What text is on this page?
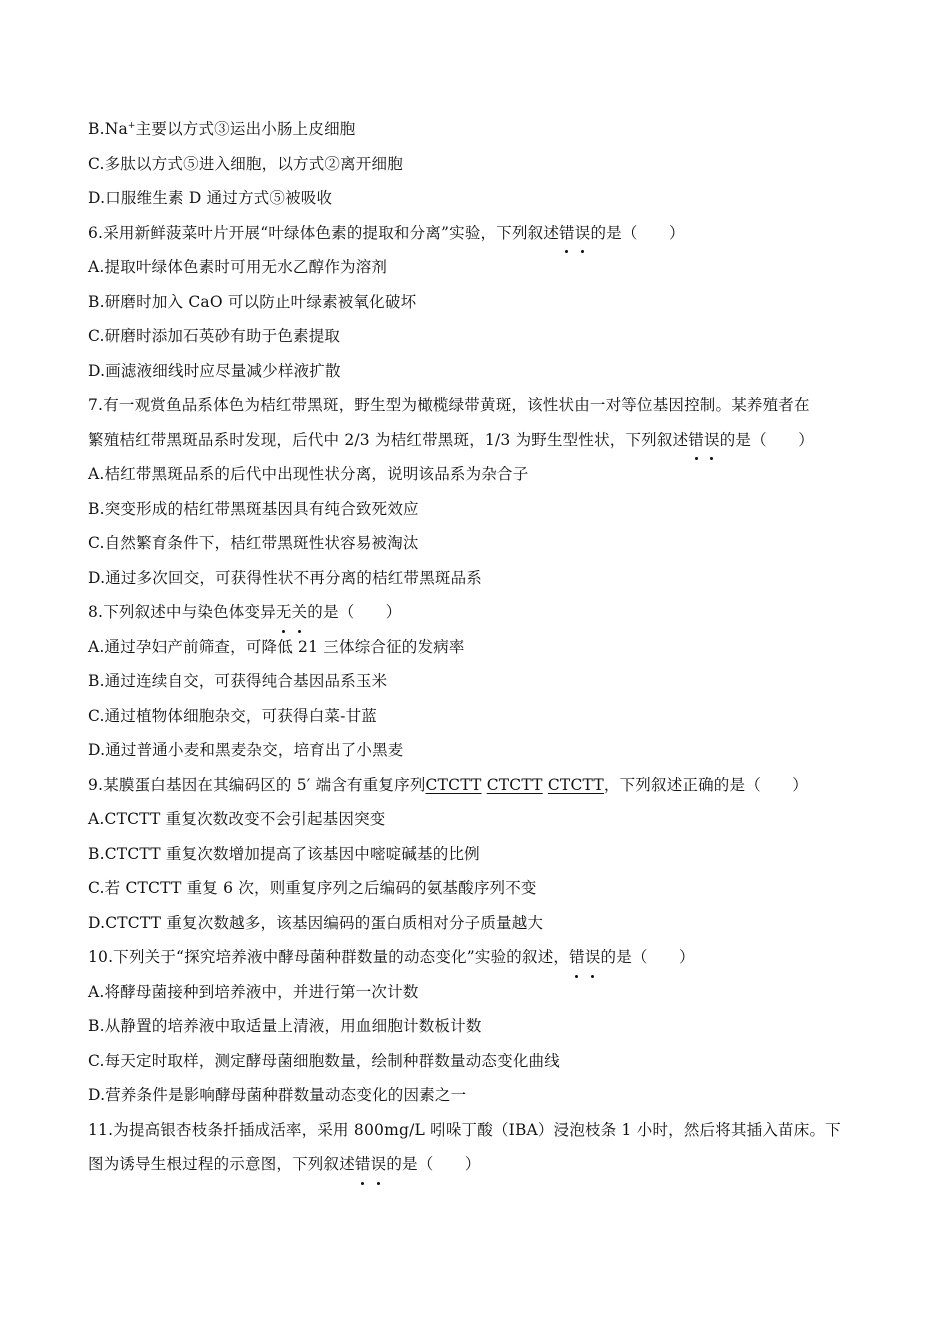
B.Na+主要以方式③运出小肠上皮细胞
C.多肽以方式⑤进入细胞，以方式②离开细胞
D.口服维生素 D 通过方式⑤被吸收
6.采用新鲜菠菜叶片开展“叶绿体色素的提取和分离”实验，下列叙述错误的是（　　）
A.提取叶绿体色素时可用无水乙醇作为溶剂
B.研磨时加入 CaO 可以防止叶绿素被氧化破坏
C.研磨时添加石英砂有助于色素提取
D.画滤液细线时应尽量减少样液扩散
7.有一观赏鱼品系体色为桔红带黑斑，野生型为橄榄绿带黄斑，该性状由一对等位基因控制。某养殖者在
繁殖桔红带黑斑品系时发现，后代中 2/3 为桔红带黑斑，1/3 为野生型性状，下列叙述错误的是（　　）
A.桔红带黑斑品系的后代中出现性状分离，说明该品系为杂合子
B.突变形成的桔红带黑斑基因具有纯合致死效应
C.自然繁育条件下，桔红带黑斑性状容易被淘汰
D.通过多次回交，可获得性状不再分离的桔红带黑斑品系
8.下列叙述中与染色体变异无关的是（　　）
A.通过孕妇产前筛查，可降低 21 三体综合征的发病率
B.通过连续自交，可获得纯合基因品系玉米
C.通过植物体细胞杂交，可获得白菜-甘蓝
D.通过普通小麦和黑麦杂交，培育出了小黑麦
9.某膜蛋白基因在其编码区的 5′ 端含有重复序列CTCTT CTCTT CTCTT，下列叙述正确的是（　　）
A.CTCTT 重复次数改变不会引起基因突变
B.CTCTT 重复次数增加提高了该基因中嘧啶碱基的比例
C.若 CTCTT 重复 6 次，则重复序列之后编码的氨基酸序列不变
D.CTCTT 重复次数越多，该基因编码的蛋白质相对分子质量越大
10.下列关于“探究培养液中酵母菌种群数量的动态变化”实验的叙述，错误的是（　　）
A.将酵母菌接种到培养液中，并进行第一次计数
B.从静置的培养液中取适量上清液，用血细胞计数板计数
C.每天定时取样，测定酵母菌细胞数量，绘制种群数量动态变化曲线
D.营养条件是影响酵母菌种群数量动态变化的因素之一
11.为提高银杏枝条扦插成活率，采用 800mg/L 吲哚丁酸（IBA）浸泡枝条 1 小时，然后将其插入苗床。下
图为诱导生根过程的示意图，下列叙述错误的是（　　）
